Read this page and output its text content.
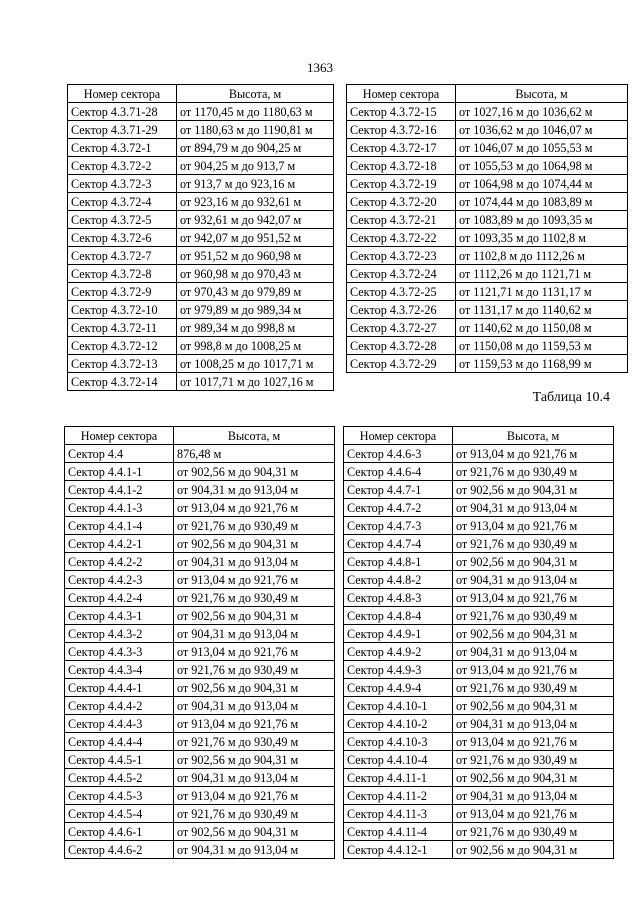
1363
Номер сектора	Высота, м
Сектор 4.3.71-28	от 1170,45 м до 1180,63 м
Сектор 4.3.71-29	от 1180,63 м до 1190,81 м
Сектор 4.3.72-1	от 894,79 м до 904,25 м
Сектор 4.3.72-2	от 904,25 м до 913,7 м
Сектор 4.3.72-3	от 913,7 м до 923,16 м
Сектор 4.3.72-4	от 923,16 м до 932,61 м
Сектор 4.3.72-5	от 932,61 м до 942,07 м
Сектор 4.3.72-6	от 942,07 м до 951,52 м
Сектор 4.3.72-7	от 951,52 м до 960,98 м
Сектор 4.3.72-8	от 960,98 м до 970,43 м
Сектор 4.3.72-9	от 970,43 м до 979,89 м
Сектор 4.3.72-10	от 979,89 м до 989,34 м
Сектор 4.3.72-11	от 989,34 м до 998,8 м
Сектор 4.3.72-12	от 998,8 м до 1008,25 м
Сектор 4.3.72-13	от 1008,25 м до 1017,71 м
Сектор 4.3.72-14	от 1017,71 м до 1027,16 м
Номер сектора	Высота, м
Сектор 4.3.72-15	от 1027,16 м до 1036,62 м
Сектор 4.3.72-16	от 1036,62 м до 1046,07 м
Сектор 4.3.72-17	от 1046,07 м до 1055,53 м
Сектор 4.3.72-18	от 1055,53 м до 1064,98 м
Сектор 4.3.72-19	от 1064,98 м до 1074,44 м
Сектор 4.3.72-20	от 1074,44 м до 1083,89 м
Сектор 4.3.72-21	от 1083,89 м до 1093,35 м
Сектор 4.3.72-22	от 1093,35 м до 1102,8 м
Сектор 4.3.72-23	от 1102,8 м до 1112,26 м
Сектор 4.3.72-24	от 1112,26 м до 1121,71 м
Сектор 4.3.72-25	от 1121,71 м до 1131,17 м
Сектор 4.3.72-26	от 1131,17 м до 1140,62 м
Сектор 4.3.72-27	от 1140,62 м до 1150,08 м
Сектор 4.3.72-28	от 1150,08 м до 1159,53 м
Сектор 4.3.72-29	от 1159,53 м до 1168,99 м
Таблица 10.4
Номер сектора	Высота, м
Сектор 4.4	876,48 м
Сектор 4.4.1-1	от 902,56 м до 904,31 м
Сектор 4.4.1-2	от 904,31 м до 913,04 м
Сектор 4.4.1-3	от 913,04 м до 921,76 м
Сектор 4.4.1-4	от 921,76 м до 930,49 м
Сектор 4.4.2-1	от 902,56 м до 904,31 м
Сектор 4.4.2-2	от 904,31 м до 913,04 м
Сектор 4.4.2-3	от 913,04 м до 921,76 м
Сектор 4.4.2-4	от 921,76 м до 930,49 м
Сектор 4.4.3-1	от 902,56 м до 904,31 м
Сектор 4.4.3-2	от 904,31 м до 913,04 м
Сектор 4.4.3-3	от 913,04 м до 921,76 м
Сектор 4.4.3-4	от 921,76 м до 930,49 м
Сектор 4.4.4-1	от 902,56 м до 904,31 м
Сектор 4.4.4-2	от 904,31 м до 913,04 м
Сектор 4.4.4-3	от 913,04 м до 921,76 м
Сектор 4.4.4-4	от 921,76 м до 930,49 м
Сектор 4.4.5-1	от 902,56 м до 904,31 м
Сектор 4.4.5-2	от 904,31 м до 913,04 м
Сектор 4.4.5-3	от 913,04 м до 921,76 м
Сектор 4.4.5-4	от 921,76 м до 930,49 м
Сектор 4.4.6-1	от 902,56 м до 904,31 м
Сектор 4.4.6-2	от 904,31 м до 913,04 м
Номер сектора	Высота, м
Сектор 4.4.6-3	от 913,04 м до 921,76 м
Сектор 4.4.6-4	от 921,76 м до 930,49 м
Сектор 4.4.7-1	от 902,56 м до 904,31 м
Сектор 4.4.7-2	от 904,31 м до 913,04 м
Сектор 4.4.7-3	от 913,04 м до 921,76 м
Сектор 4.4.7-4	от 921,76 м до 930,49 м
Сектор 4.4.8-1	от 902,56 м до 904,31 м
Сектор 4.4.8-2	от 904,31 м до 913,04 м
Сектор 4.4.8-3	от 913,04 м до 921,76 м
Сектор 4.4.8-4	от 921,76 м до 930,49 м
Сектор 4.4.9-1	от 902,56 м до 904,31 м
Сектор 4.4.9-2	от 904,31 м до 913,04 м
Сектор 4.4.9-3	от 913,04 м до 921,76 м
Сектор 4.4.9-4	от 921,76 м до 930,49 м
Сектор 4.4.10-1	от 902,56 м до 904,31 м
Сектор 4.4.10-2	от 904,31 м до 913,04 м
Сектор 4.4.10-3	от 913,04 м до 921,76 м
Сектор 4.4.10-4	от 921,76 м до 930,49 м
Сектор 4.4.11-1	от 902,56 м до 904,31 м
Сектор 4.4.11-2	от 904,31 м до 913,04 м
Сектор 4.4.11-3	от 913,04 м до 921,76 м
Сектор 4.4.11-4	от 921,76 м до 930,49 м
Сектор 4.4.12-1	от 902,56 м до 904,31 м
